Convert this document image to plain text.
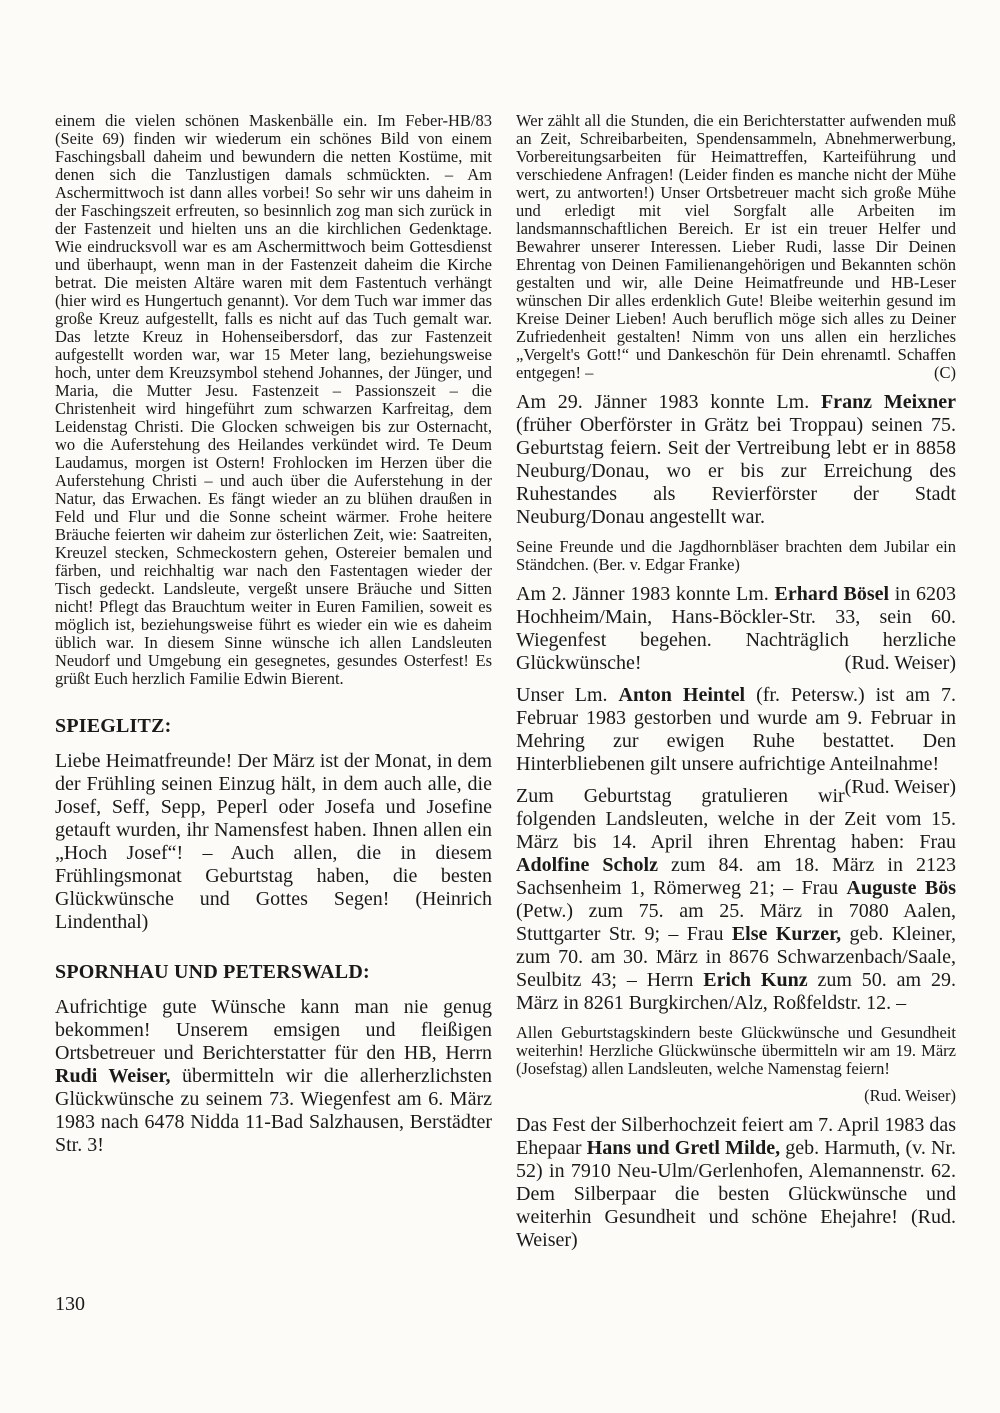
einem die vielen schönen Maskenbälle ein. Im Feber-HB/83 (Seite 69) finden wir wiederum ein schönes Bild von einem Faschingsball daheim und bewundern die netten Kostüme, mit denen sich die Tanzlustigen damals schmückten. – Am Aschermittwoch ist dann alles vorbei! So sehr wir uns daheim in der Faschingszeit erfreuten, so besinnlich zog man sich zurück in der Fastenzeit und hielten uns an die kirchlichen Gedenktage. Wie eindrucksvoll war es am Aschermittwoch beim Gottesdienst und überhaupt, wenn man in der Fastenzeit daheim die Kirche betrat. Die meisten Altäre waren mit dem Fastentuch verhängt (hier wird es Hungertuch genannt). Vor dem Tuch war immer das große Kreuz aufgestellt, falls es nicht auf das Tuch gemalt war. Das letzte Kreuz in Hohenseibersdorf, das zur Fastenzeit aufgestellt worden war, war 15 Meter lang, beziehungsweise hoch, unter dem Kreuzsymbol stehend Johannes, der Jünger, und Maria, die Mutter Jesu. Fastenzeit – Passionszeit – die Christenheit wird hingeführt zum schwarzen Karfreitag, dem Leidenstag Christi. Die Glocken schweigen bis zur Osternacht, wo die Auferstehung des Heilandes verkündet wird. Te Deum Laudamus, morgen ist Ostern! Frohlocken im Herzen über die Auferstehung Christi – und auch über die Auferstehung in der Natur, das Erwachen. Es fängt wieder an zu blühen draußen in Feld und Flur und die Sonne scheint wärmer. Frohe heitere Bräuche feierten wir daheim zur österlichen Zeit, wie: Saatreiten, Kreuzel stecken, Schmeckostern gehen, Ostereier bemalen und färben, und reichhaltig war nach den Fastentagen wieder der Tisch gedeckt. Landsleute, vergeßt unsere Bräuche und Sitten nicht! Pflegt das Brauchtum weiter in Euren Familien, soweit es möglich ist, beziehungsweise führt es wieder ein wie es daheim üblich war. In diesem Sinne wünsche ich allen Landsleuten Neudorf und Umgebung ein gesegnetes, gesundes Osterfest! Es grüßt Euch herzlich Familie Edwin Bierent.

SPIEGLITZ:

Liebe Heimatfreunde! Der März ist der Monat, in dem der Frühling seinen Einzug hält, in dem auch alle, die Josef, Seff, Sepp, Peperl oder Josefa und Josefine getauft wurden, ihr Namensfest haben. Ihnen allen ein „Hoch Josef“! – Auch allen, die in diesem Frühlingsmonat Geburtstag haben, die besten Glückwünsche und Gottes Segen! (Heinrich Lindenthal)

SPORNHAU UND PETERSWALD:

Aufrichtige gute Wünsche kann man nie genug bekommen! Unserem emsigen und fleißigen Ortsbetreuer und Berichterstatter für den HB, Herrn Rudi Weiser, übermitteln wir die allerherzlichsten Glückwünsche zu seinem 73. Wiegenfest am 6. März 1983 nach 6478 Nidda 11-Bad Salzhausen, Berstädter Str. 3!

Wer zählt all die Stunden, die ein Berichterstatter aufwenden muß an Zeit, Schreibarbeiten, Spendensammeln, Abnehmerwerbung, Vorbereitungsarbeiten für Heimattreffen, Karteiführung und verschiedene Anfragen! (Leider finden es manche nicht der Mühe wert, zu antworten!) Unser Ortsbetreuer macht sich große Mühe und erledigt mit viel Sorgfalt alle Arbeiten im landsmannschaftlichen Bereich. Er ist ein treuer Helfer und Bewahrer unserer Interessen. Lieber Rudi, lasse Dir Deinen Ehrentag von Deinen Familienangehörigen und Bekannten schön gestalten und wir, alle Deine Heimatfreunde und HB-Leser wünschen Dir alles erdenklich Gute! Bleibe weiterhin gesund im Kreise Deiner Lieben! Auch beruflich möge sich alles zu Deiner Zufriedenheit gestalten! Nimm von uns allen ein herzliches „Vergelt's Gott!“ und Dankeschön für Dein ehrenamtl. Schaffen entgegen! –	(C)

Am 29. Jänner 1983 konnte Lm. Franz Meixner (früher Oberförster in Grätz bei Troppau) seinen 75. Geburtstag feiern. Seit der Vertreibung lebt er in 8858 Neuburg/Donau, wo er bis zur Erreichung des Ruhestandes als Revierförster der Stadt Neuburg/Donau angestellt war.

Seine Freunde und die Jagdhornbläser brachten dem Jubilar ein Ständchen. (Ber. v. Edgar Franke)

Am 2. Jänner 1983 konnte Lm. Erhard Bösel in 6203 Hochheim/Main, Hans-Böckler-Str. 33, sein 60. Wiegenfest begehen. Nachträglich herzliche Glückwünsche!	(Rud. Weiser)

Unser Lm. Anton Heintel (fr. Petersw.) ist am 7. Februar 1983 gestorben und wurde am 9. Februar in Mehring zur ewigen Ruhe bestattet. Den Hinterbliebenen gilt unsere aufrichtige Anteilnahme!
(Rud. Weiser)

Zum Geburtstag gratulieren wir folgenden Landsleuten, welche in der Zeit vom 15. März bis 14. April ihren Ehrentag haben: Frau Adolfine Scholz zum 84. am 18. März in 2123 Sachsenheim 1, Römerweg 21; – Frau Auguste Bös (Petw.) zum 75. am 25. März in 7080 Aalen, Stuttgarter Str. 9; – Frau Else Kurzer, geb. Kleiner, zum 70. am 30. März in 8676 Schwarzenbach/Saale, Seulbitz 43; – Herrn Erich Kunz zum 50. am 29. März in 8261 Burgkirchen/Alz, Roßfeldstr. 12. –

Allen Geburtstagskindern beste Glückwünsche und Gesundheit weiterhin! Herzliche Glückwünsche übermitteln wir am 19. März (Josefstag) allen Landsleuten, welche Namenstag feiern!

(Rud. Weiser)

Das Fest der Silberhochzeit feiert am 7. April 1983 das Ehepaar Hans und Gretl Milde, geb. Harmuth, (v. Nr. 52) in 7910 Neu-Ulm/Gerlenhofen, Alemannenstr. 62. Dem Silberpaar die besten Glückwünsche und weiterhin Gesundheit und schöne Ehejahre! (Rud. Weiser)

130
